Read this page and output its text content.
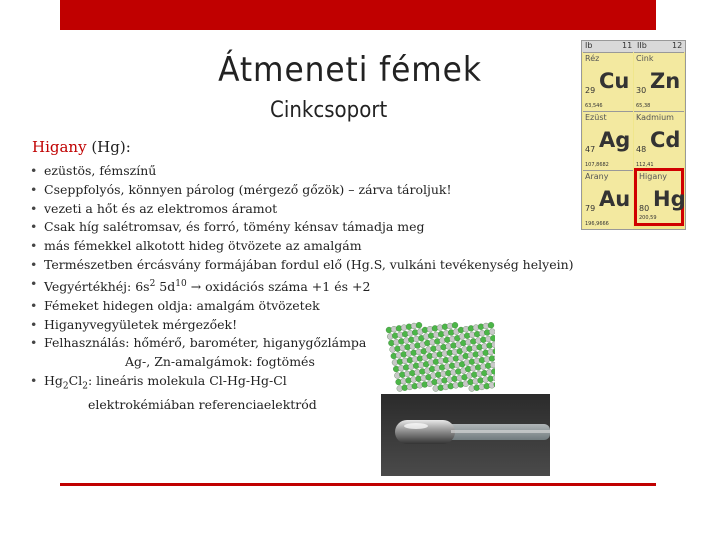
Átmeneti fémek
Cinkcsoport
Higany (Hg):
• ezüstös, fémszínű
• Cseppfolyós, könnyen párolog (mérgező gőzök) – zárva tároljuk!
• vezeti a hőt és az elektromos áramot
• Csak híg salétromsav, és forró, tömény kénsav támadja meg
• más fémekkel alkotott hideg ötvözete az amalgám
• Természetben ércásvány formájában fordul elő (Hg.S, vulkáni tevékenység helyein)
• Vegyértékhéj: $6s^2$ $5d^{10}$ → oxidációs száma +1 és +2
• Fémeket hidegen oldja: amalgám ötvözetek
• Higanyvegyületek mérgezőek!
• Felhasználás: hőmérő, barométer, higanygőzlámpa
Ag-, Zn-amalgámok: fogtömés
• $Hg_2Cl_2$: lineáris molekula Cl-Hg-Hg-Cl
elektrokémiában referenciaelektród
Ib	11 IIb	12
Réz
Cu
29
63,546
Cink
Zn
30
65,38
Ezüst
Ag
47
107,8682
Kadmium
Cd
48
112,41
Arany
Au
79
196,9666
Higany
Hg
80
200,59
